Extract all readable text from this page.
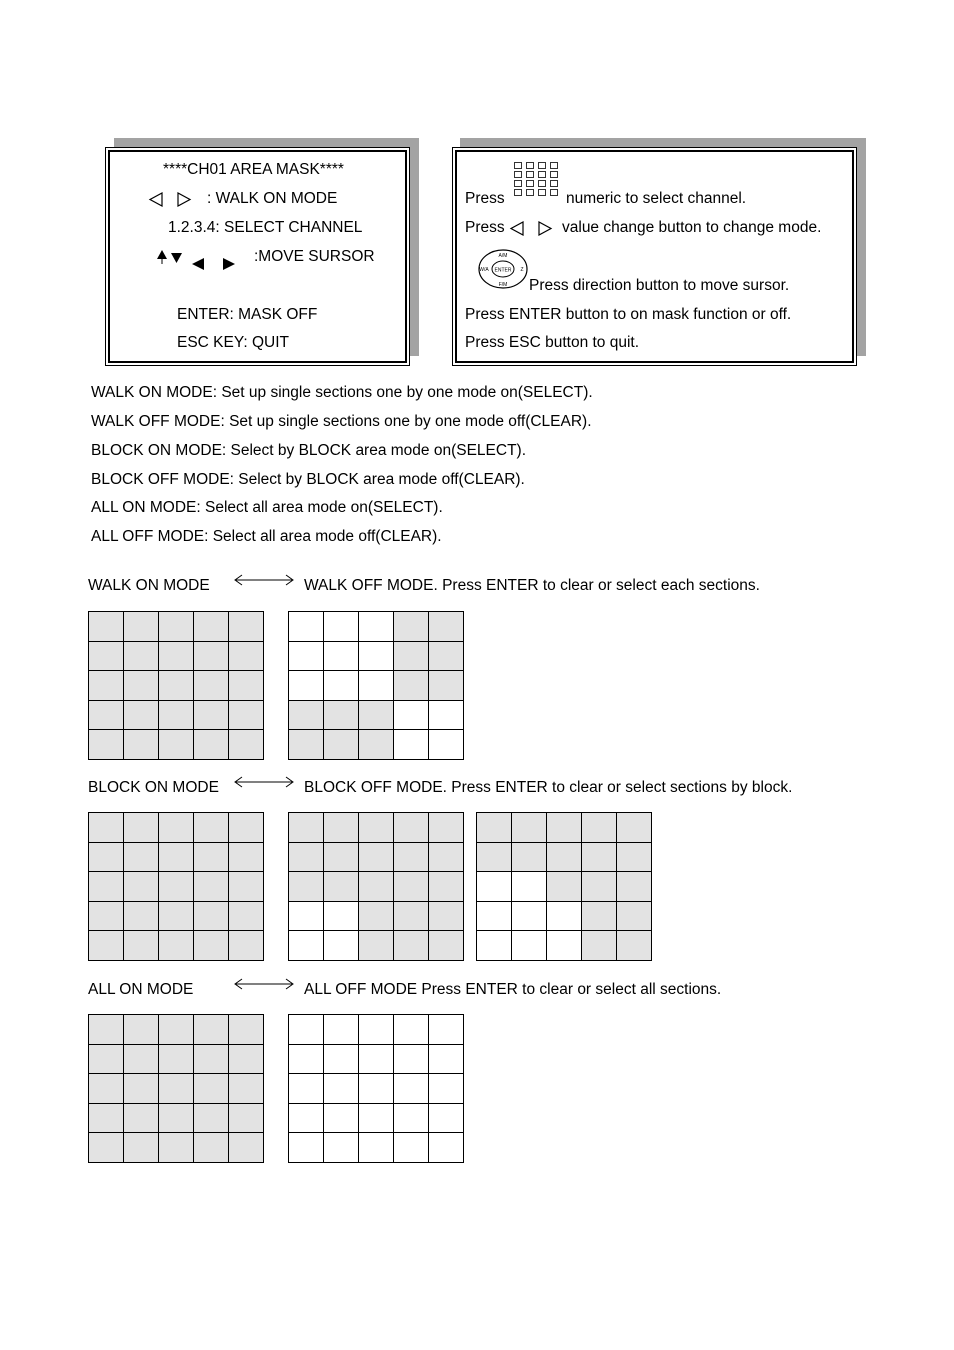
****CH01 AREA MASK****
: WALK ON MODE
1.2.3.4: SELECT CHANNEL
:MOVE SURSOR
ENTER: MASK OFF
ESC KEY: QUIT
Press	numeric to select channel.
Press	value change button to change mode.
ENTER
A/M
F/M
W/A	Z
Press direction button to move sursor.
Press ENTER button to on mask function or off.
Press ESC button to quit.
WALK ON MODE: Set up single sections one by one mode on(SELECT).
WALK OFF MODE: Set up single sections one by one mode off(CLEAR).
BLOCK ON MODE: Select by BLOCK area mode on(SELECT).
BLOCK OFF MODE: Select by BLOCK area mode off(CLEAR).
ALL ON MODE: Select all area mode on(SELECT).
ALL OFF MODE: Select all area mode off(CLEAR).
WALK ON MODE	WALK OFF MODE. Press ENTER to clear or select each sections.
BLOCK ON MODE	BLOCK OFF MODE. Press ENTER to clear or select sections by block.
ALL ON MODE	ALL OFF MODE Press ENTER to clear or select all sections.
